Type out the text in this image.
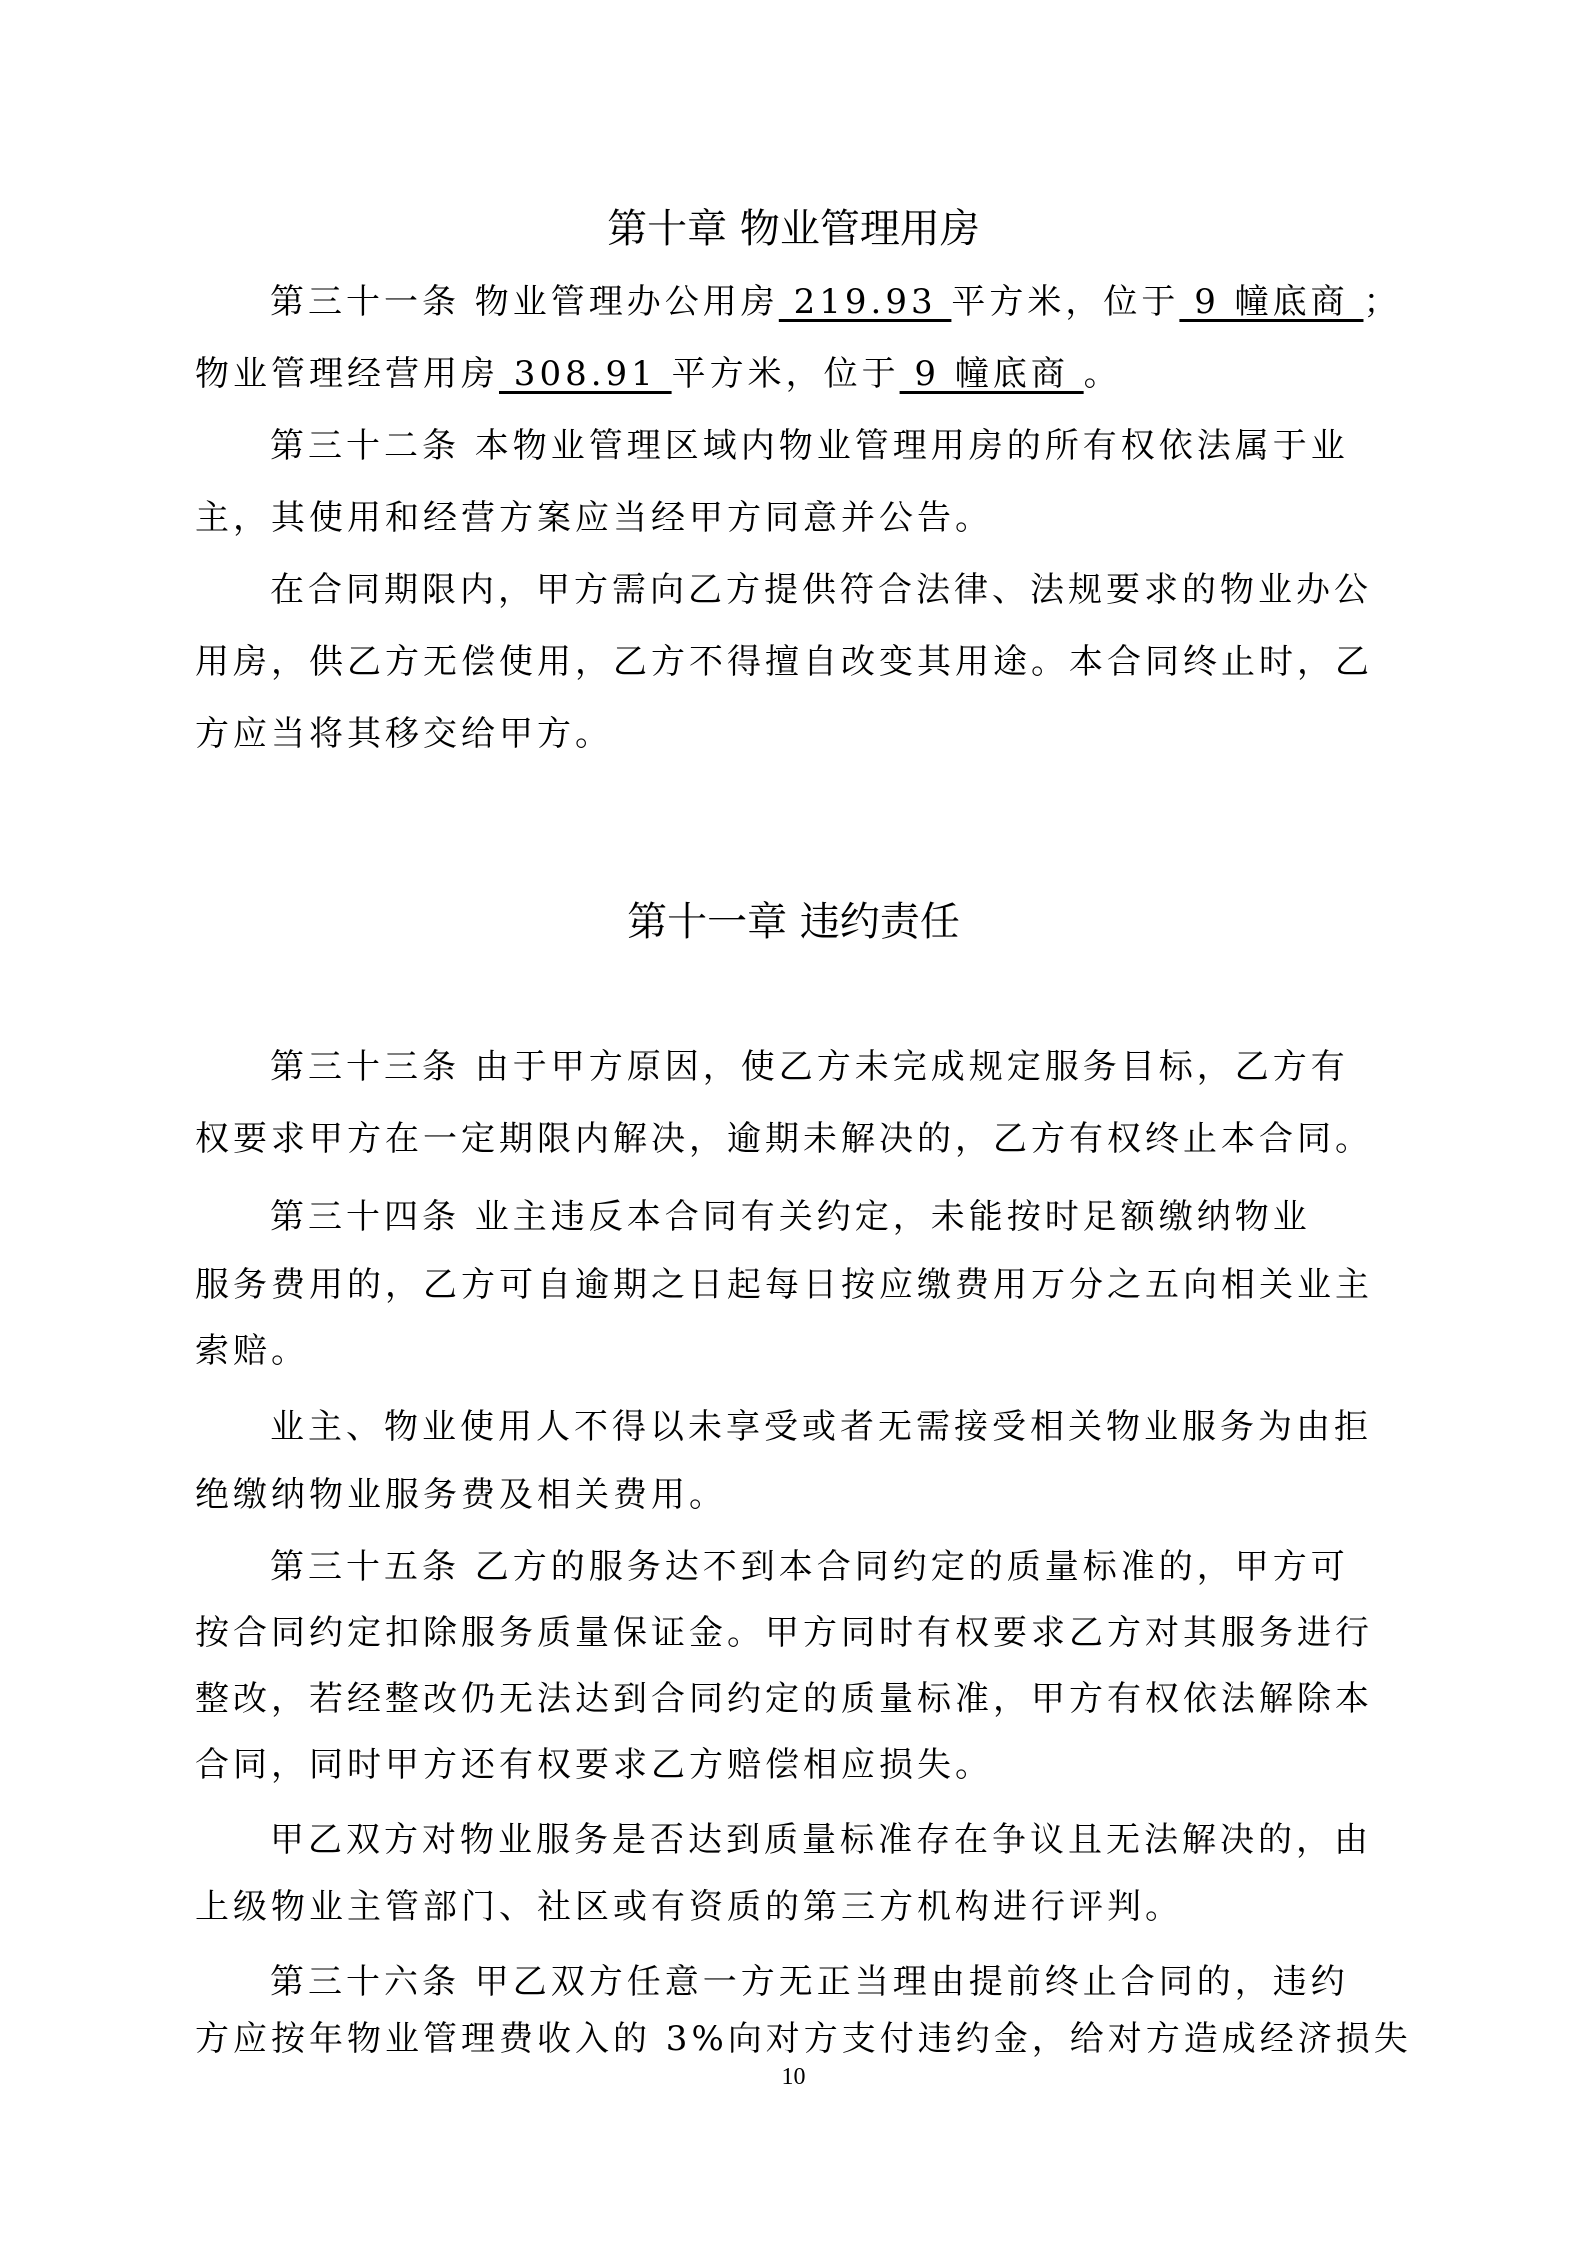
第十章 物业管理用房
第三十一条 物业管理办公用房 219.93 平方米，位于 9 幢底商 ；
物业管理经营用房 308.91 平方米，位于 9 幢底商 。
第三十二条 本物业管理区域内物业管理用房的所有权依法属于业
主，其使用和经营方案应当经甲方同意并公告。
在合同期限内，甲方需向乙方提供符合法律、法规要求的物业办公
用房，供乙方无偿使用，乙方不得擅自改变其用途。本合同终止时，乙
方应当将其移交给甲方。
第十一章 违约责任
第三十三条 由于甲方原因，使乙方未完成规定服务目标，乙方有
权要求甲方在一定期限内解决，逾期未解决的，乙方有权终止本合同。
第三十四条 业主违反本合同有关约定，未能按时足额缴纳物业
服务费用的，乙方可自逾期之日起每日按应缴费用万分之五向相关业主
索赔。
业主、物业使用人不得以未享受或者无需接受相关物业服务为由拒
绝缴纳物业服务费及相关费用。
第三十五条 乙方的服务达不到本合同约定的质量标准的，甲方可
按合同约定扣除服务质量保证金。甲方同时有权要求乙方对其服务进行
整改，若经整改仍无法达到合同约定的质量标准，甲方有权依法解除本
合同，同时甲方还有权要求乙方赔偿相应损失。
甲乙双方对物业服务是否达到质量标准存在争议且无法解决的，由
上级物业主管部门、社区或有资质的第三方机构进行评判。
第三十六条 甲乙双方任意一方无正当理由提前终止合同的，违约
方应按年物业管理费收入的 3%向对方支付违约金，给对方造成经济损失
10
